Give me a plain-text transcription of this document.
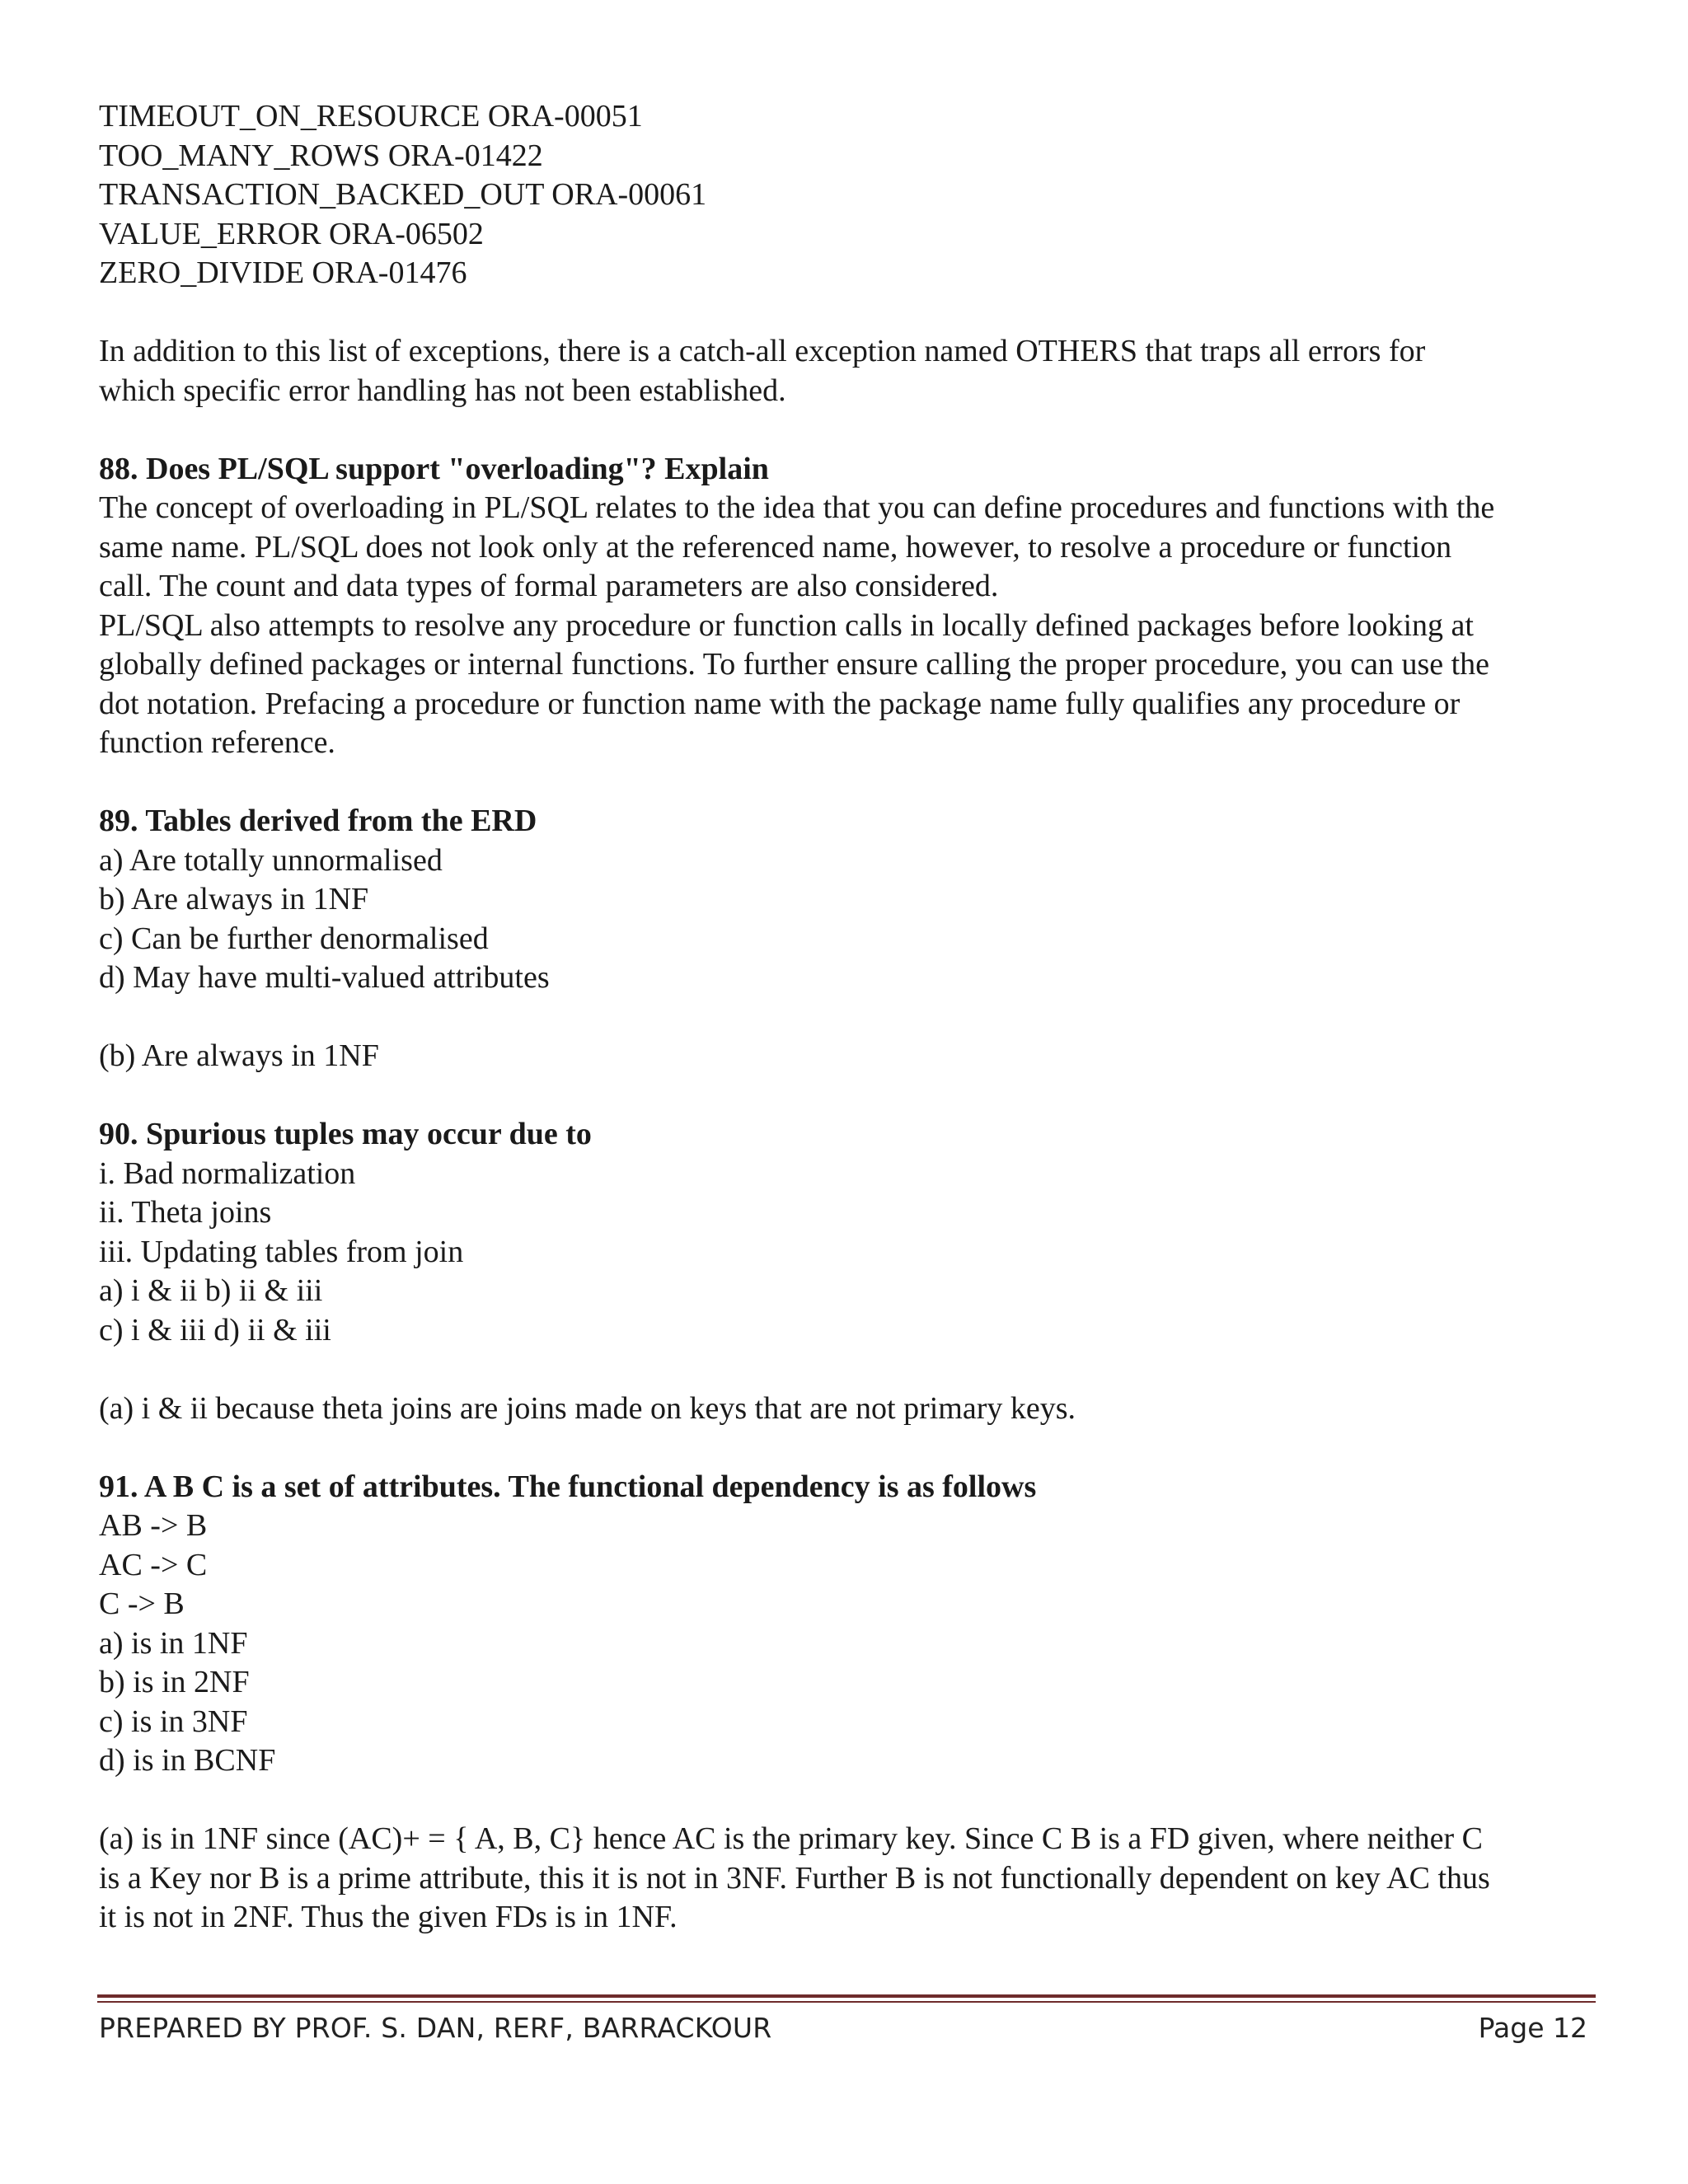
TIMEOUT_ON_RESOURCE ORA-00051
TOO_MANY_ROWS ORA-01422
TRANSACTION_BACKED_OUT ORA-00061
VALUE_ERROR ORA-06502
ZERO_DIVIDE ORA-01476
In addition to this list of exceptions, there is a catch-all exception named OTHERS that traps all errors for
which specific error handling has not been established.
88. Does PL/SQL support "overloading"? Explain
The concept of overloading in PL/SQL relates to the idea that you can define procedures and functions with the
same name. PL/SQL does not look only at the referenced name, however, to resolve a procedure or function
call. The count and data types of formal parameters are also considered.
PL/SQL also attempts to resolve any procedure or function calls in locally defined packages before looking at
globally defined packages or internal functions. To further ensure calling the proper procedure, you can use the
dot notation. Prefacing a procedure or function name with the package name fully qualifies any procedure or
function reference.
89. Tables derived from the ERD
a) Are totally unnormalised
b) Are always in 1NF
c) Can be further denormalised
d) May have multi-valued attributes
(b) Are always in 1NF
90. Spurious tuples may occur due to
i. Bad normalization
ii. Theta joins
iii. Updating tables from join
a) i & ii b) ii & iii
c) i & iii d) ii & iii
(a) i & ii because theta joins are joins made on keys that are not primary keys.
91. A B C is a set of attributes. The functional dependency is as follows
AB -> B
AC -> C
C -> B
a) is in 1NF
b) is in 2NF
c) is in 3NF
d) is in BCNF
(a) is in 1NF since (AC)+ = { A, B, C} hence AC is the primary key. Since C B is a FD given, where neither C
is a Key nor B is a prime attribute, this it is not in 3NF. Further B is not functionally dependent on key AC thus
it is not in 2NF. Thus the given FDs is in 1NF.
PREPARED BY PROF. S. DAN, RERF, BARRACKOUR	Page 12
